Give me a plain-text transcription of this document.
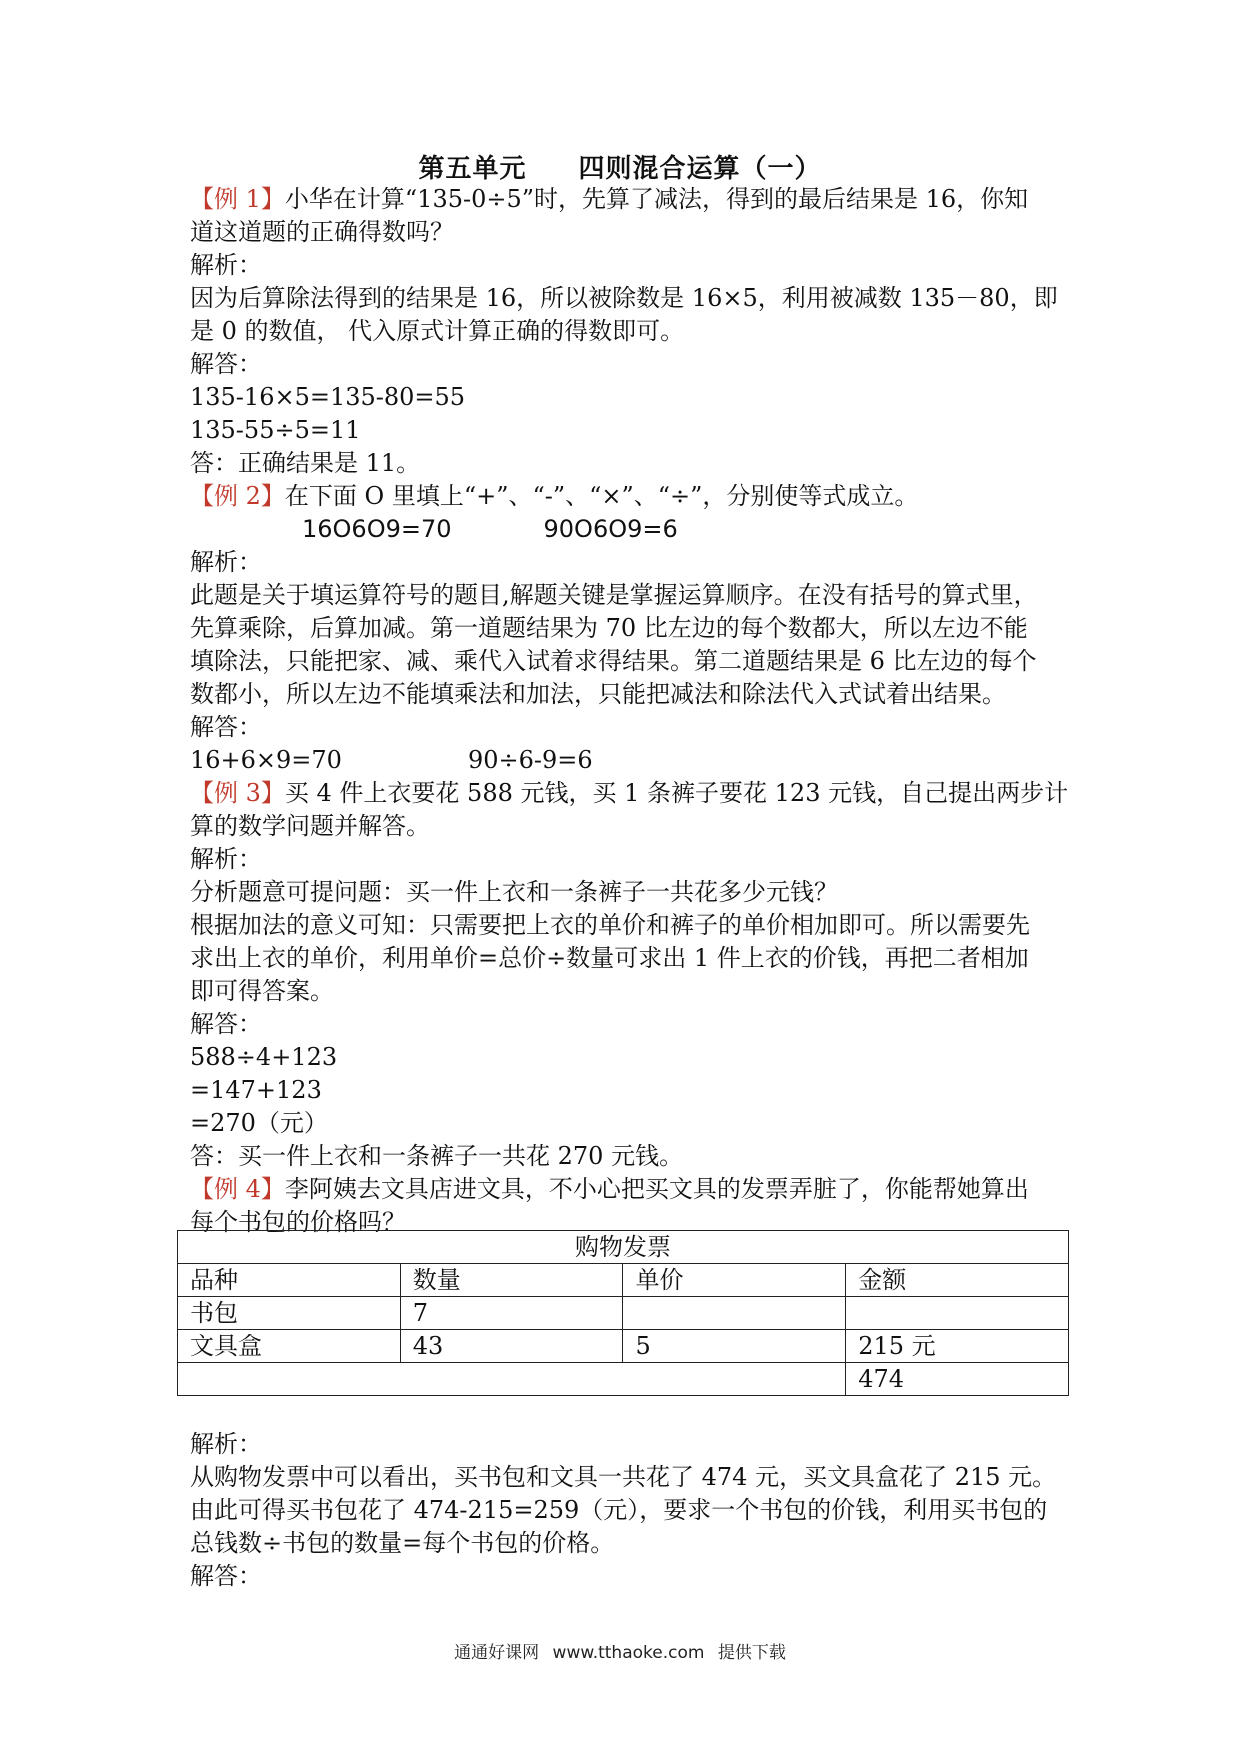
第五单元 四则混合运算（一）

【例 1】小华在计算“135-0÷5”时，先算了减法，得到的最后结果是 16，你知

道这道题的正确得数吗？

解析：

因为后算除法得到的结果是 16，所以被除数是 16×5，利用被减数 135－80，即

是 0 的数值， 代入原式计算正确的得数即可。

解答：

135-16×5=135-80=55

135-55÷5=11

答：正确结果是 11。

【例 2】在下面 O 里填上“+”、“-”、“×”、“÷”，分别使等式成立。

16O6O9=70	90O6O9=6

解析：

此题是关于填运算符号的题目,解题关键是掌握运算顺序。在没有括号的算式里，

先算乘除，后算加减。第一道题结果为 70 比左边的每个数都大，所以左边不能

填除法，只能把家、减、乘代入试着求得结果。第二道题结果是 6 比左边的每个

数都小，所以左边不能填乘法和加法，只能把减法和除法代入式试着出结果。

解答：

16+6×9=70	90÷6-9=6

【例 3】买 4 件上衣要花 588 元钱，买 1 条裤子要花 123 元钱，自己提出两步计

算的数学问题并解答。

解析：

分析题意可提问题：买一件上衣和一条裤子一共花多少元钱？

根据加法的意义可知：只需要把上衣的单价和裤子的单价相加即可。所以需要先

求出上衣的单价，利用单价=总价÷数量可求出 1 件上衣的价钱，再把二者相加

即可得答案。

解答：

588÷4+123

=147+123

=270（元）

答：买一件上衣和一条裤子一共花 270 元钱。

【例 4】李阿姨去文具店进文具，不小心把买文具的发票弄脏了，你能帮她算出

每个书包的价格吗？

购物发票			
品种	数量	单价	金额
书包	7		
文具盒	43	5	215 元
			474

解析：

从购物发票中可以看出，买书包和文具一共花了 474 元，买文具盒花了 215 元。

由此可得买书包花了 474-215=259（元），要求一个书包的价钱，利用买书包的

总钱数÷书包的数量=每个书包的价格。

解答：

通通好课网 www.tthaoke.com 提供下载
